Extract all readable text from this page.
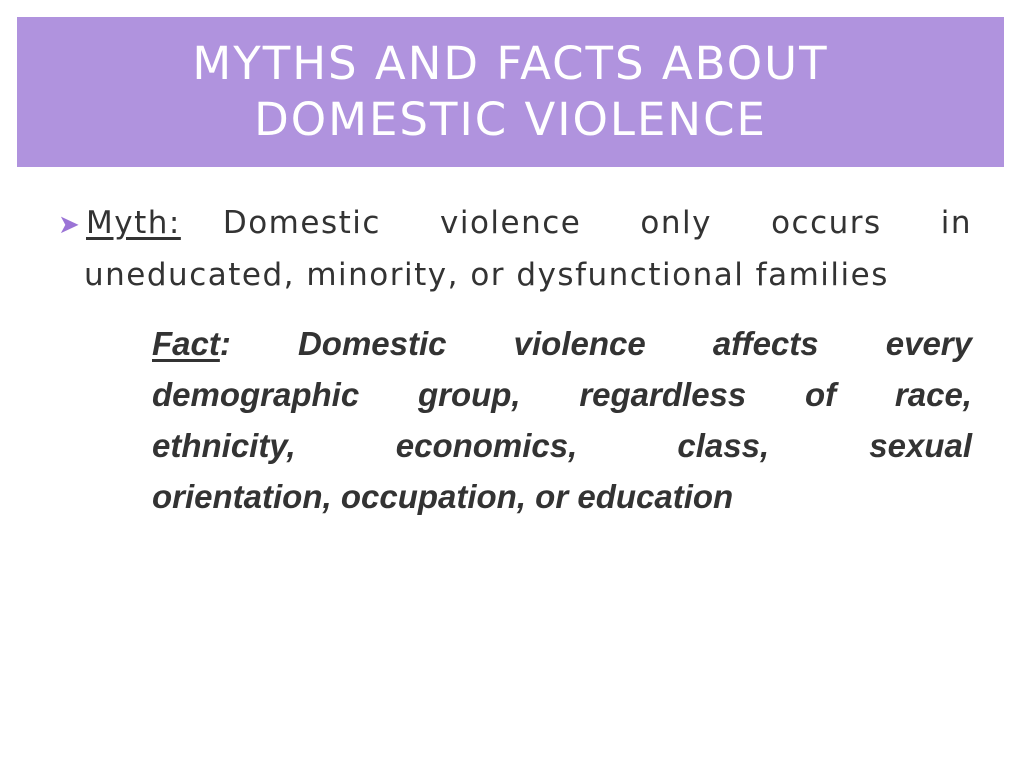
MYTHS AND FACTS ABOUT
DOMESTIC VIOLENCE
➤ Myth: Domestic violence only occurs in
uneducated, minority, or dysfunctional families
Fact: Domestic violence affects every
demographic group, regardless of race,
ethnicity,	economics,	class,	sexual
orientation, occupation, or education
